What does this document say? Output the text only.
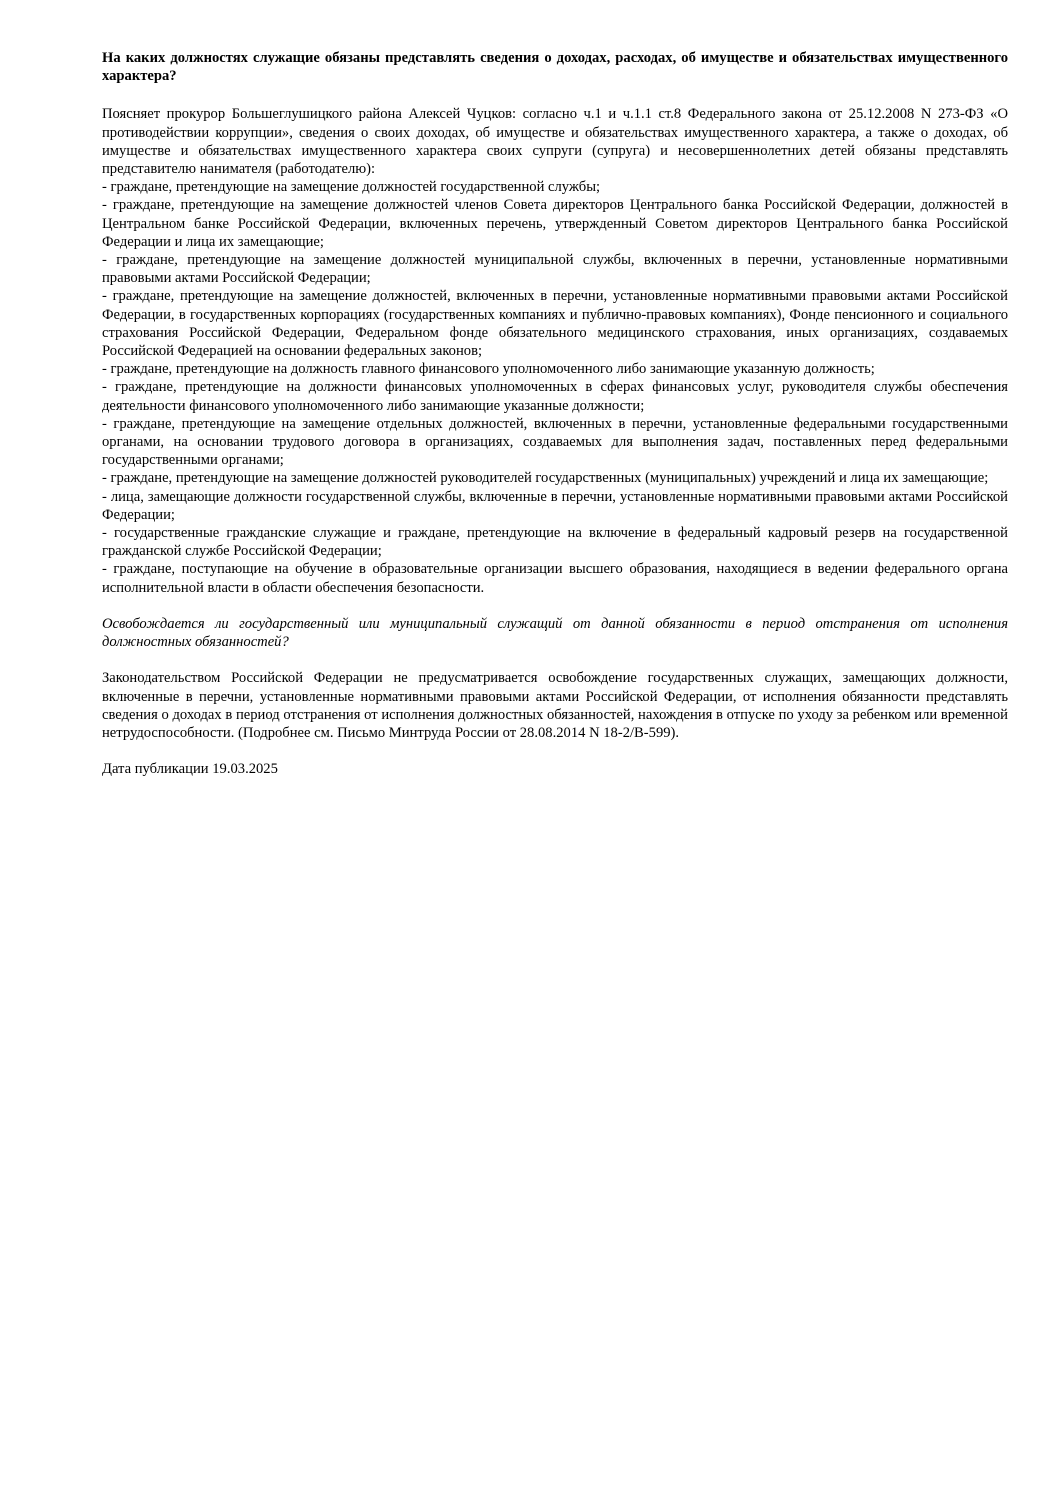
На каких должностях служащие обязаны представлять сведения о доходах, расходах, об имуществе и обязательствах имущественного характера?

Поясняет прокурор Большеглушицкого района Алексей Чуцков: согласно ч.1 и ч.1.1 ст.8 Федерального закона от 25.12.2008 N 273-ФЗ «О противодействии коррупции», сведения о своих доходах, об имуществе и обязательствах имущественного характера, а также о доходах, об имуществе и обязательствах имущественного характера своих супруги (супруга) и несовершеннолетних детей обязаны представлять представителю нанимателя (работодателю):

- граждане, претендующие на замещение должностей государственной службы;

- граждане, претендующие на замещение должностей членов Совета директоров Центрального банка Российской Федерации, должностей в Центральном банке Российской Федерации, включенных перечень, утвержденный Советом директоров Центрального банка Российской Федерации и лица их замещающие;

- граждане, претендующие на замещение должностей муниципальной службы, включенных в перечни, установленные нормативными правовыми актами Российской Федерации;

- граждане, претендующие на замещение должностей, включенных в перечни, установленные нормативными правовыми актами Российской Федерации, в государственных корпорациях (государственных компаниях и публично-правовых компаниях), Фонде пенсионного и социального страхования Российской Федерации, Федеральном фонде обязательного медицинского страхования, иных организациях, создаваемых Российской Федерацией на основании федеральных законов;

- граждане, претендующие на должность главного финансового уполномоченного либо занимающие указанную должность;

- граждане, претендующие на должности финансовых уполномоченных в сферах финансовых услуг, руководителя службы обеспечения деятельности финансового уполномоченного либо занимающие указанные должности;

- граждане, претендующие на замещение отдельных должностей, включенных в перечни, установленные федеральными государственными органами, на основании трудового договора в организациях, создаваемых для выполнения задач, поставленных перед федеральными государственными органами;

- граждане, претендующие на замещение должностей руководителей государственных (муниципальных) учреждений и лица их замещающие;

- лица, замещающие должности государственной службы, включенные в перечни, установленные нормативными правовыми актами Российской Федерации;

- государственные гражданские служащие и граждане, претендующие на включение в федеральный кадровый резерв на государственной гражданской службе Российской Федерации;

- граждане, поступающие на обучение в образовательные организации высшего образования, находящиеся в ведении федерального органа исполнительной власти в области обеспечения безопасности.

Освобождается ли государственный или муниципальный служащий от данной обязанности в период отстранения от исполнения должностных обязанностей?

Законодательством Российской Федерации не предусматривается освобождение государственных служащих, замещающих должности, включенные в перечни, установленные нормативными правовыми актами Российской Федерации, от исполнения обязанности представлять сведения о доходах в период отстранения от исполнения должностных обязанностей, нахождения в отпуске по уходу за ребенком или временной нетрудоспособности. (Подробнее см. Письмо Минтруда России от 28.08.2014 N 18-2/В-599).

Дата публикации 19.03.2025
